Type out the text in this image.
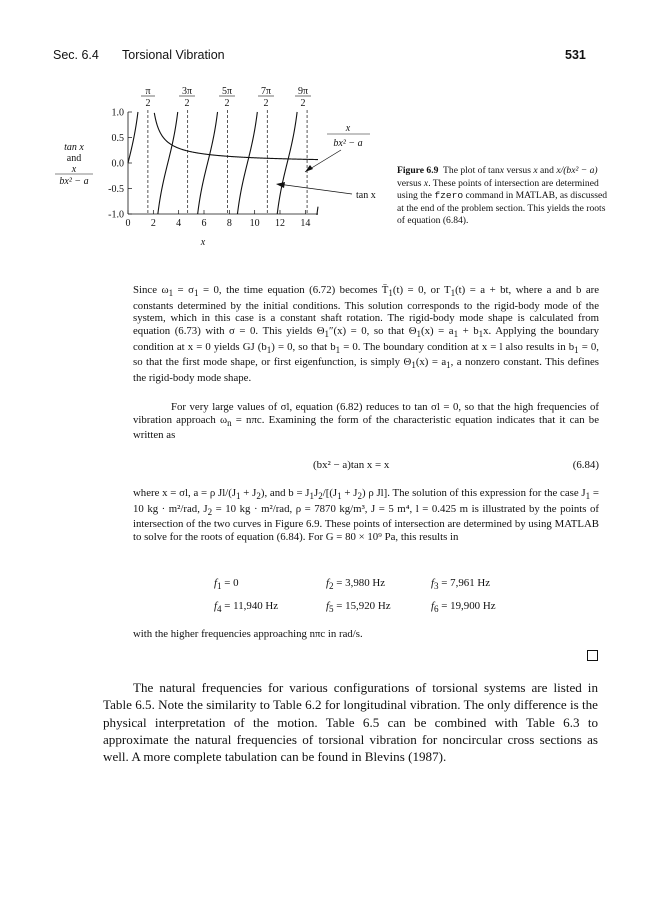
Sec. 6.4 Torsional Vibration	531
π
2
3π
2
5π
2
7π
2
9π
2
tan x
and
x
bx² − a
1.0
0.5
0.0
-0.5
-1.0
0 2 4 6 8 10 12 14
x
x
bx² − a
tan x
Figure 6.9 The plot of tanx versus x and x/(bx² − a) versus x. These points of intersection are determined using the fzero command in MATLAB, as discussed at the end of the problem section. This yields the roots of equation (6.84).

Since $\omega_1 = \sigma_1 = 0$, the time equation (6.72) becomes $T̈_1(t) = 0$, or $T_1(t) = a$ + bt, where a and b are constants determined by the initial conditions. This solution corresponds to the rigid-body mode of the system, which in this case is a constant shaft rotation. The rigid-body mode shape is calculated from equation (6.73) with σ = 0. This yields $\Theta_1''(x) = 0$, so that $\Theta_1(x) = a_1 + b_1x$. Applying the boundary condition at x = 0 yields GJ $(b_1) = 0$, so that $b_1 = 0$. The boundary condition at x = l also results in $b_1 = 0$, so that the first mode shape, or first eigenfunction, is simply $\Theta_1(x) = a_1$, a nonzero constant. This defines the rigid-body mode shape.

For very large values of σl, equation (6.82) reduces to tan σl = 0, so that the high frequencies of vibration approach $\omega_n = n\pi c$. Examining the form of the characteristic equation indicates that it can be written as

(bx² − a)tan x = x	(6.84)

where x = σl, a = ρ $Jl/(J_1 + J_2)$, and $b = J_1J_2/[(J_1 + J_2)$ ρ Jl]. The solution of this expression for the case $J_1 = 10$ kg · m²/rad, $J_2 = 10$ kg · m²/rad, ρ = 7870 kg/m³, J = 5 m⁴, l = 0.425 m is illustrated by the points of intersection of the two curves in Figure 6.9. These points of intersection are determined by using MATLAB to solve for the roots of equation (6.84). For G = 80 × 10⁹ Pa, this results in

$f_1 = 0$	$f_2 = 3,980$ Hz	$f_3 = 7,961$ Hz
$f_4 = 11,940$ Hz	$f_5 = 15,920$ Hz	$f_6 = 19,900$ Hz

with the higher frequencies approaching nπc in rad/s.

The natural frequencies for various configurations of torsional systems are listed in Table 6.5. Note the similarity to Table 6.2 for longitudinal vibration. The only difference is the physical interpretation of the motion. Table 6.5 can be combined with Table 6.3 to approximate the natural frequencies of torsional vibration for noncircular cross sections as well. A more complete tabulation can be found in Blevins (1987).
